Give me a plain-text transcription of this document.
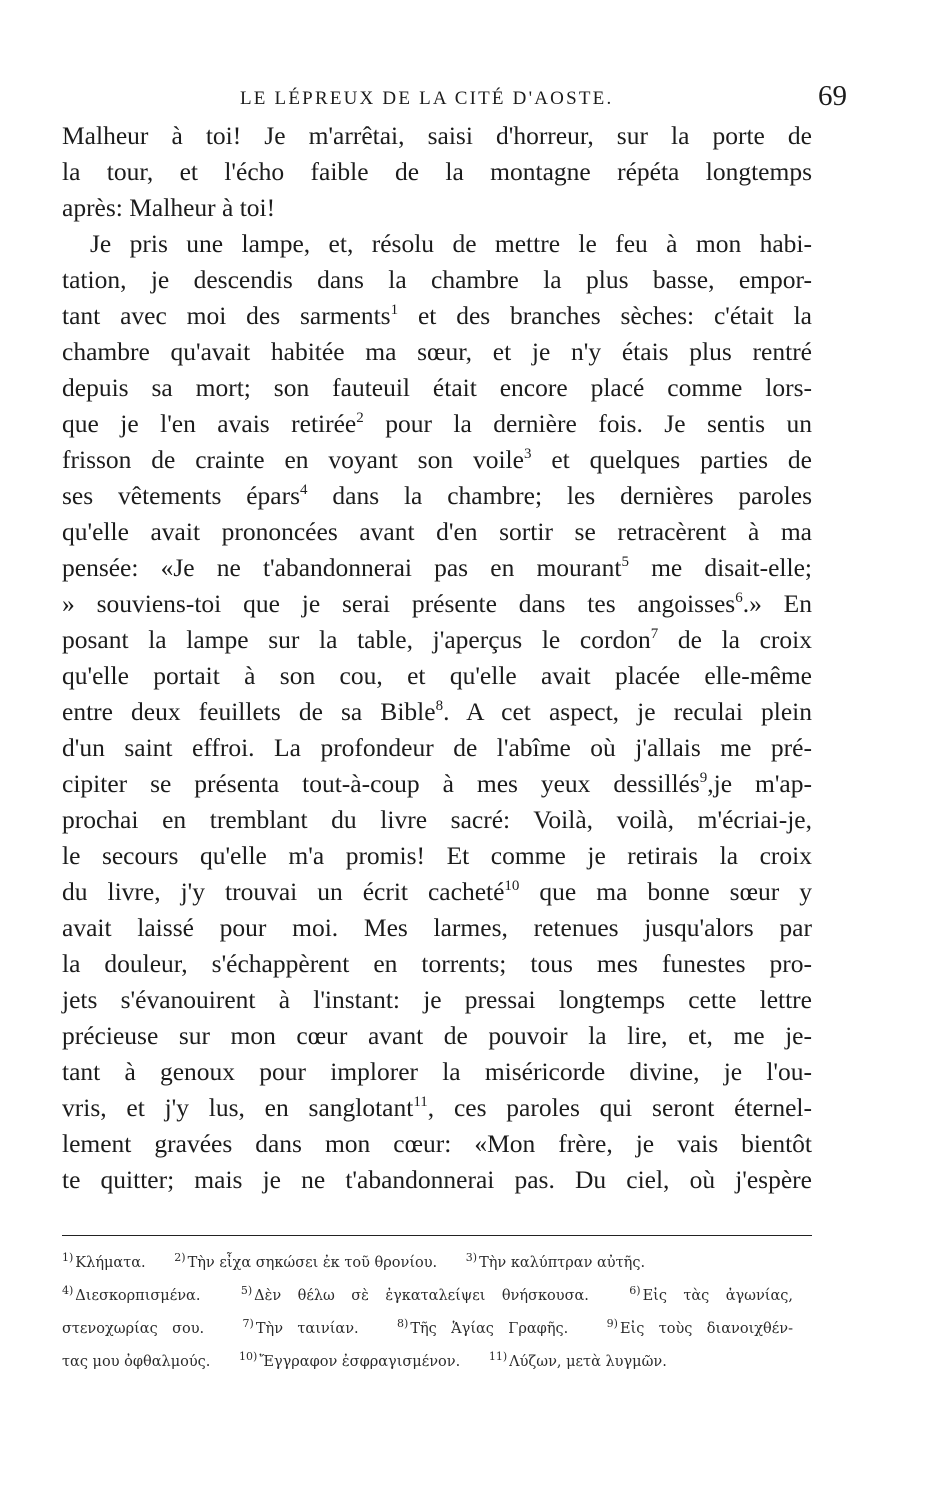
LE LÉPREUX DE LA CITÉ D'AOSTE.	69
Malheur à toi! Je m'arrêtai, saisi d'horreur, sur la porte de
la tour, et l'écho faible de la montagne répéta longtemps
après: Malheur à toi!
Je pris une lampe, et, résolu de mettre le feu à mon habi-
tation, je descendis dans la chambre la plus basse, empor-
tant avec moi des sarments$^1$ et des branches sèches: c'était la
chambre qu'avait habitée ma sœur, et je n'y étais plus rentré
depuis sa mort; son fauteuil était encore placé comme lors-
que je l'en avais retirée$^2$ pour la dernière fois. Je sentis un
frisson de crainte en voyant son voile$^3$ et quelques parties de
ses vêtements épars$^4$ dans la chambre; les dernières paroles
qu'elle avait prononcées avant d'en sortir se retracèrent à ma
pensée: «Je ne t'abandonnerai pas en mourant$^5$ me disait-elle;
» souviens-toi que je serai présente dans tes angoisses$^6$.» En
posant la lampe sur la table, j'aperçus le cordon$^7$ de la croix
qu'elle portait à son cou, et qu'elle avait placée elle-même
entre deux feuillets de sa Bible$^8$. A cet aspect, je reculai plein
d'un saint effroi. La profondeur de l'abîme où j'allais me pré-
cipiter se présenta tout-à-coup à mes yeux dessillés$^9$,je m'ap-
prochai en tremblant du livre sacré: Voilà, voilà, m'écriai-je,
le secours qu'elle m'a promis! Et comme je retirais la croix
du livre, j'y trouvai un écrit cacheté$^{10}$ que ma bonne sœur y
avait laissé pour moi. Mes larmes, retenues jusqu'alors par
la douleur, s'échappèrent en torrents; tous mes funestes pro-
jets s'évanouirent à l'instant: je pressai longtemps cette lettre
précieuse sur mon cœur avant de pouvoir la lire, et, me je-
tant à genoux pour implorer la miséricorde divine, je l'ou-
vris, et j'y lus, en sanglotant$^{11}$, ces paroles qui seront éternel-
lement gravées dans mon cœur: «Mon frère, je vais bientôt
te quitter; mais je ne t'abandonnerai pas. Du ciel, où j'espère
$^{1)}$ Κλήματα.	$^{2)}$ Τὴν εἶχα σηκώσει ἐκ τοῦ θρονίου.	$^{3)}$ Τὴν καλύπτραν αὐτῆς.
$^{4)}$ Διεσκορπισμένα.	$^{5)}$ Δὲν θέλω σὲ ἐγκαταλείψει θνήσκουσα.	$^{6)}$ Εἰς τὰς ἀγωνίας,
στενοχωρίας σου.	$^{7)}$ Τὴν ταινίαν.	$^{8)}$ Τῆς Ἁγίας Γραφῆς.	$^{9)}$ Εἰς τοὺς διανοιχθέν-
τας μου ὀφθαλμούς.	$^{10)}$ Ἔγγραφον ἐσφραγισμένον.	$^{11)}$ Λύζων, μετὰ λυγμῶν.
